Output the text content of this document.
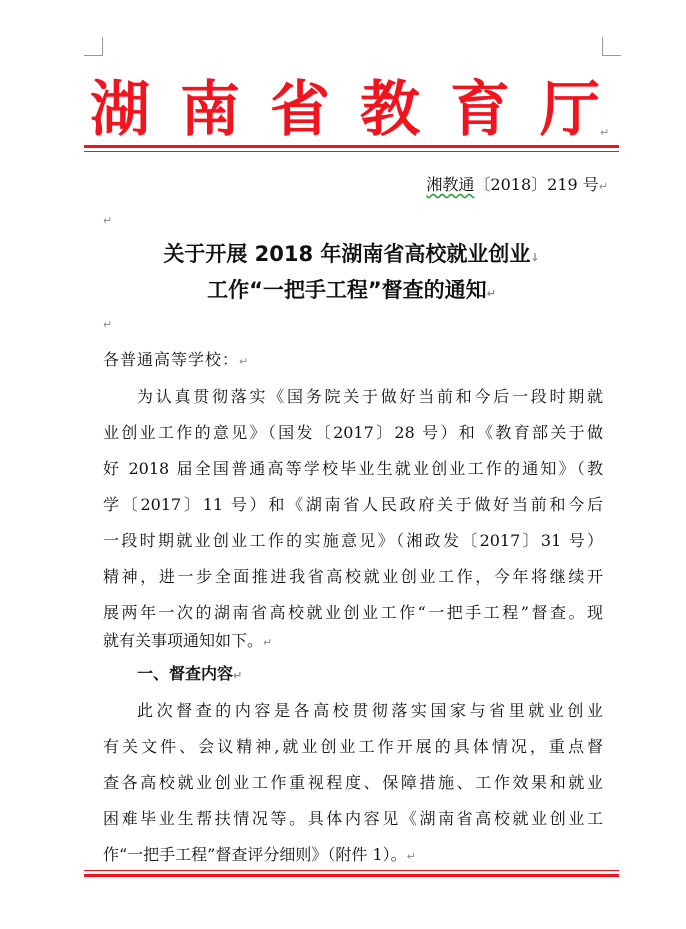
湖 南 省 教 育 厅 ↵
湘教通〔2018〕219 号↵
↵
关于开展 2018 年湖南省高校就业创业↓
工作“一把手工程”督查的通知↵
↵
各普通高等学校：↵
为认真贯彻落实《国务院关于做好当前和今后一段时期就
业创业工作的意见》（国发〔2017〕28 号）和《教育部关于做
好 2018 届全国普通高等学校毕业生就业创业工作的通知》（教
学〔2017〕11 号）和《湖南省人民政府关于做好当前和今后
一段时期就业创业工作的实施意见》（湘政发〔2017〕31 号）
精神，进一步全面推进我省高校就业创业工作，今年将继续开
展两年一次的湖南省高校就业创业工作“一把手工程”督查。现
就有关事项通知如下。↵
一、督查内容↵
此次督查的内容是各高校贯彻落实国家与省里就业创业
有关文件、会议精神,就业创业工作开展的具体情况，重点督
查各高校就业创业工作重视程度、保障措施、工作效果和就业
困难毕业生帮扶情况等。具体内容见《湖南省高校就业创业工
作“一把手工程”督查评分细则》（附件 1）。↵
